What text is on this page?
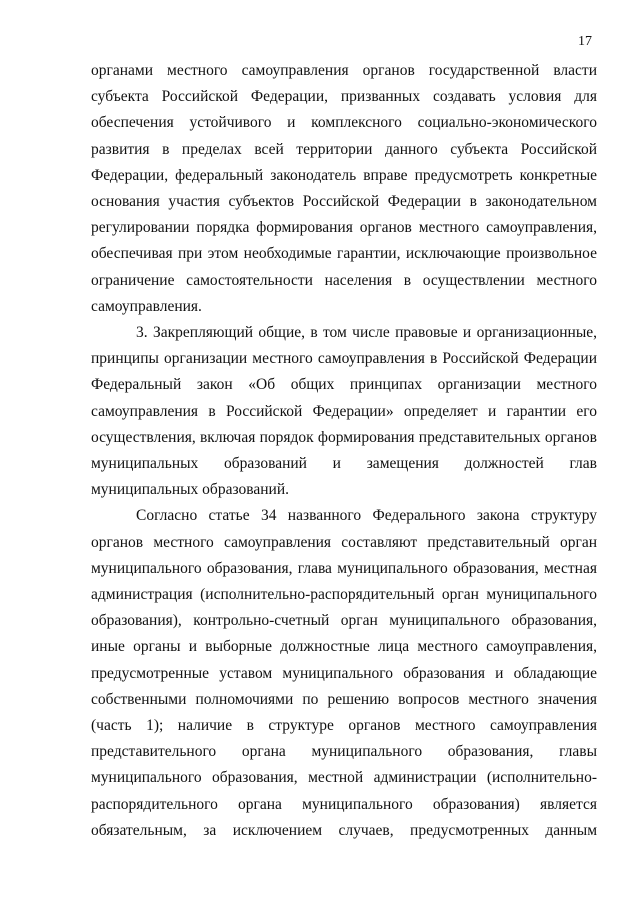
17

органами местного самоуправления органов государственной власти субъекта Российской Федерации, призванных создавать условия для обеспечения устойчивого и комплексного социально-экономического развития в пределах всей территории данного субъекта Российской Федерации, федеральный законодатель вправе предусмотреть конкретные основания участия субъектов Российской Федерации в законодательном регулировании порядка формирования органов местного самоуправления, обеспечивая при этом необходимые гарантии, исключающие произвольное ограничение самостоятельности населения в осуществлении местного самоуправления.

3. Закрепляющий общие, в том числе правовые и организационные, принципы организации местного самоуправления в Российской Федерации Федеральный закон «Об общих принципах организации местного самоуправления в Российской Федерации» определяет и гарантии его осуществления, включая порядок формирования представительных органов муниципальных образований и замещения должностей глав муниципальных образований.

Согласно статье 34 названного Федерального закона структуру органов местного самоуправления составляют представительный орган муниципального образования, глава муниципального образования, местная администрация (исполнительно-распорядительный орган муниципального образования), контрольно-счетный орган муниципального образования, иные органы и выборные должностные лица местного самоуправления, предусмотренные уставом муниципального образования и обладающие собственными полномочиями по решению вопросов местного значения (часть 1); наличие в структуре органов местного самоуправления представительного органа муниципального образования, главы муниципального образования, местной администрации (исполнительно-распорядительного органа муниципального образования) является обязательным, за исключением случаев, предусмотренных данным
